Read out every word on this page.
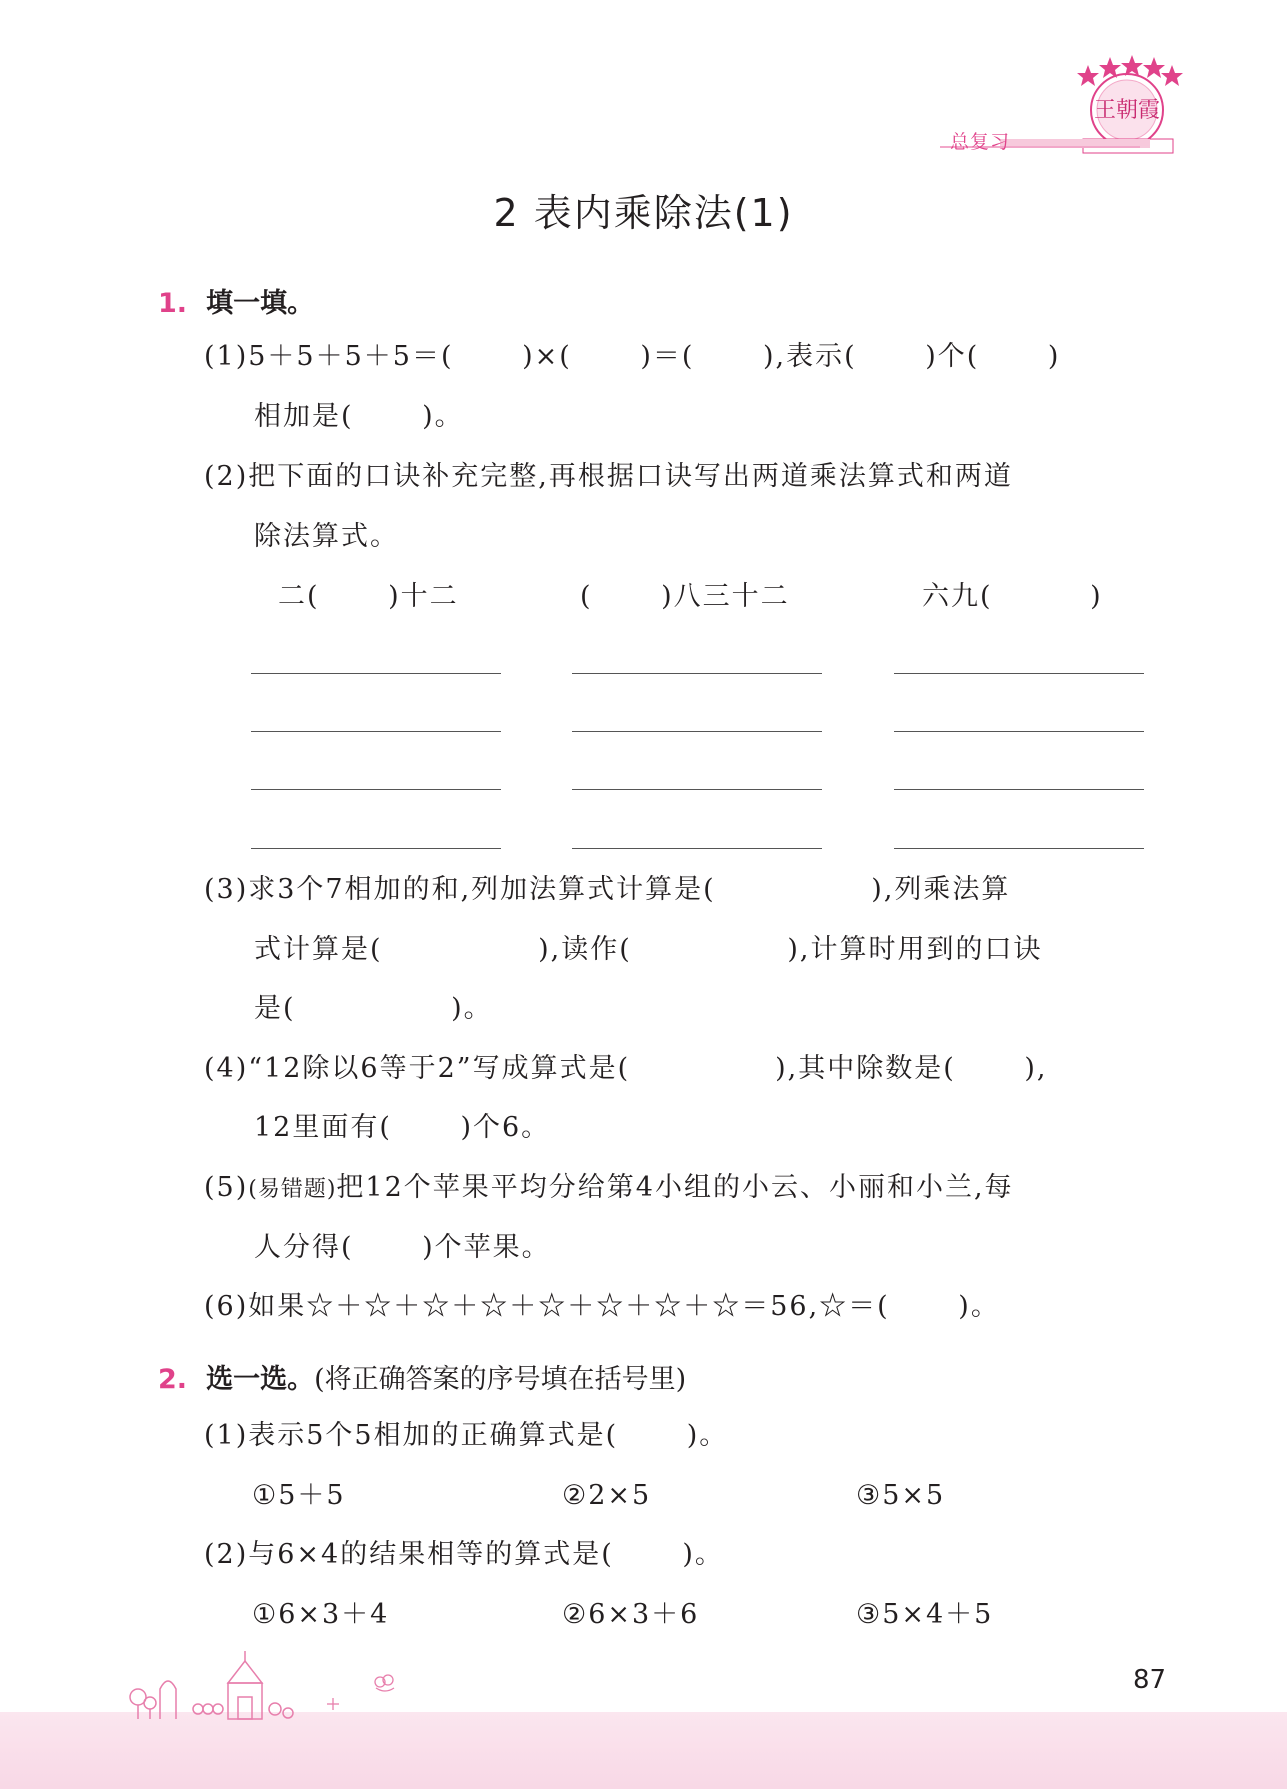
王朝霞
总复习
2 表内乘除法(1)
1. 填一填。
(1)5＋5＋5＋5＝(　　 )×(　　 )＝(　　 ),表示(　　 )个(　　 )
相加是(　　 )。
(2)把下面的口诀补充完整,再根据口诀写出两道乘法算式和两道
除法算式。
二(　　 )十二	(　　 )八三十二	六九(　　　 )
(3)求3个7相加的和,列加法算式计算是(　　　　　 ),列乘法算
式计算是(　　　　　 ),读作(　　　　　 ),计算时用到的口诀
是(　　　　　 )。
(4)“12除以6等于2”写成算式是(　　　　　),其中除数是(　　 ),
12里面有(　　 )个6。
(5)(易错题)把12个苹果平均分给第4小组的小云、小丽和小兰,每
人分得(　　 )个苹果。
(6)如果☆＋☆＋☆＋☆＋☆＋☆＋☆＋☆＝56,☆＝(　　 )。
2. 选一选。(将正确答案的序号填在括号里)
(1)表示5个5相加的正确算式是(　　 )。
①5＋5	②2×5	③5×5
(2)与6×4的结果相等的算式是(　　 )。
①6×3＋4	②6×3＋6	③5×4＋5
87
